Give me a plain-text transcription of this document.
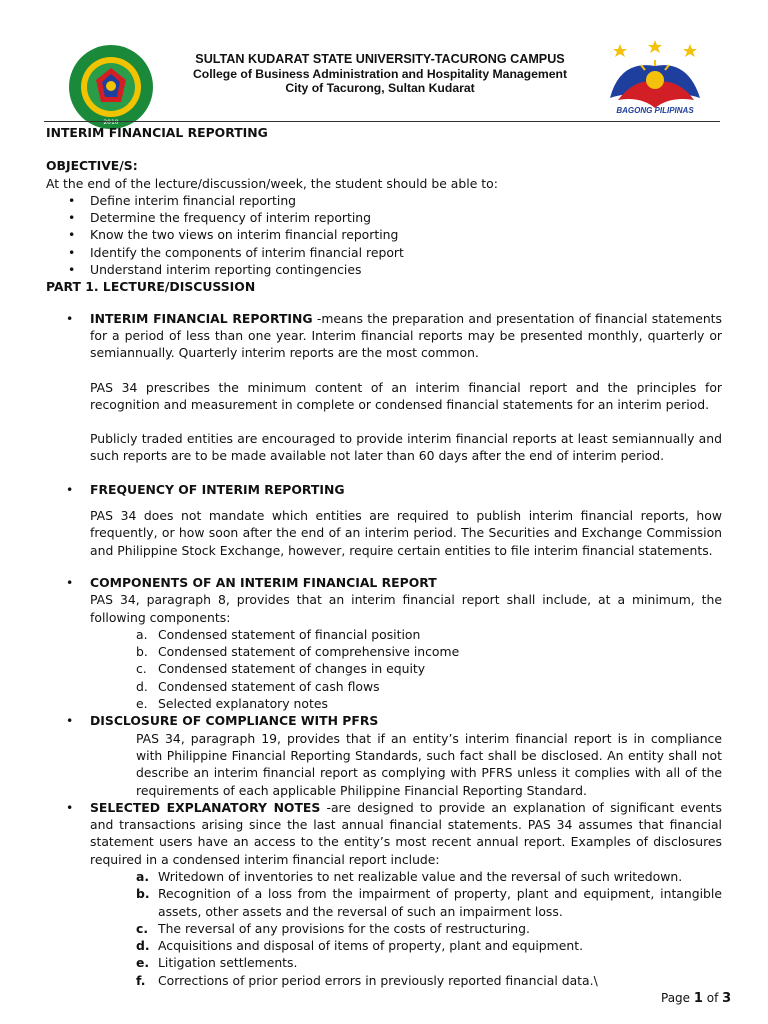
2010
SULTAN KUDARAT STATE UNIVERSITY-TACURONG CAMPUS
College of Business Administration and Hospitality Management
City of Tacurong, Sultan Kudarat
BAGONG PILIPINAS
INTERIM FINANCIAL REPORTING
OBJECTIVE/S:
At the end of the lecture/discussion/week, the student should be able to:
• Define interim financial reporting
• Determine the frequency of interim reporting
• Know the two views on interim financial reporting
• Identify the components of interim financial report
• Understand interim reporting contingencies
PART 1. LECTURE/DISCUSSION
• INTERIM FINANCIAL REPORTING -means the preparation and presentation of financial statements for a period of less than one year. Interim financial reports may be presented monthly, quarterly or semiannually. Quarterly interim reports are the most common.
PAS 34 prescribes the minimum content of an interim financial report and the principles for recognition and measurement in complete or condensed financial statements for an interim period.
Publicly traded entities are encouraged to provide interim financial reports at least semiannually and such reports are to be made available not later than 60 days after the end of interim period.
• FREQUENCY OF INTERIM REPORTING
PAS 34 does not mandate which entities are required to publish interim financial reports, how frequently, or how soon after the end of an interim period. The Securities and Exchange Commission and Philippine Stock Exchange, however, require certain entities to file interim financial statements.
• COMPONENTS OF AN INTERIM FINANCIAL REPORT
PAS 34, paragraph 8, provides that an interim financial report shall include, at a minimum, the following components:
a. Condensed statement of financial position
b. Condensed statement of comprehensive income
c. Condensed statement of changes in equity
d. Condensed statement of cash flows
e. Selected explanatory notes
• DISCLOSURE OF COMPLIANCE WITH PFRS
PAS 34, paragraph 19, provides that if an entity’s interim financial report is in compliance with Philippine Financial Reporting Standards, such fact shall be disclosed. An entity shall not describe an interim financial report as complying with PFRS unless it complies with all of the requirements of each applicable Philippine Financial Reporting Standard.
• SELECTED EXPLANATORY NOTES -are designed to provide an explanation of significant events and transactions arising since the last annual financial statements. PAS 34 assumes that financial statement users have an access to the entity’s most recent annual report. Examples of disclosures required in a condensed interim financial report include:
a. Writedown of inventories to net realizable value and the reversal of such writedown.
b. Recognition of a loss from the impairment of property, plant and equipment, intangible assets, other assets and the reversal of such an impairment loss.
c. The reversal of any provisions for the costs of restructuring.
d. Acquisitions and disposal of items of property, plant and equipment.
e. Litigation settlements.
f. Corrections of prior period errors in previously reported financial data.\
Page 1 of 3
